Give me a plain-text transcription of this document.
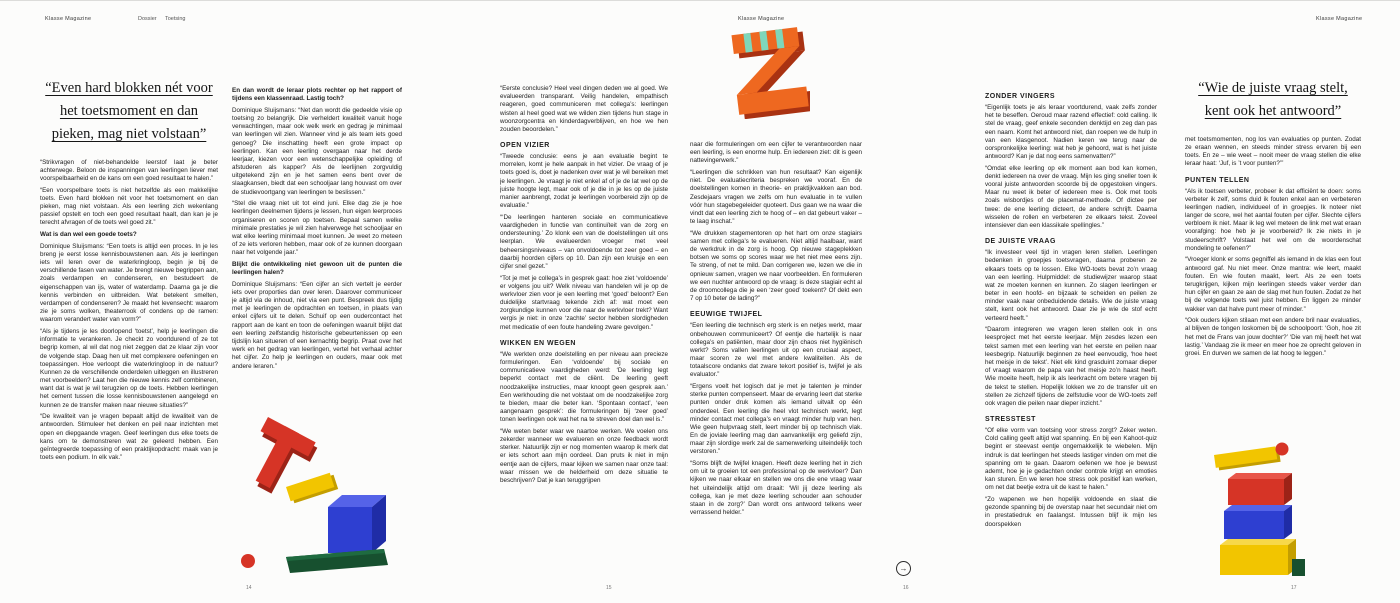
Klasse Magazine	Dossier Toetsing	Klasse Magazine	Klasse Magazine
“Even hard blokken nét voor het toetsmoment en dan pieken, mag niet volstaan”

“Strikvragen of niet-behandelde leerstof laat je beter achterwege. Beloon de inspanningen van leerlingen liever met voorspelbaarheid en de kans om een goed resultaat te halen.”

“Een voorspelbare toets is niet hetzelfde als een makkelijke toets. Even hard blokken nét voor het toetsmoment en dan pieken, mag niet volstaan. Als een leerling zich wekenlang passief opstelt en toch een goed resultaat haalt, dan kan je je terecht afvragen of de toets wel goed zit.”

Wat is dan wel een goede toets?

Dominique Sluijsmans: “Een toets is altijd een proces. In je les breng je eerst losse kennisbouwstenen aan. Als je leerlingen iets wil leren over de waterkringloop, begin je bij de verschillende fasen van water. Je brengt nieuwe begrippen aan, zoals verdampen en condenseren, en bestudeert de eigenschappen van ijs, water of waterdamp. Daarna ga je die kennis verbinden en uitbreiden. Wat betekent smelten, verdampen of condenseren? Je maakt het levensecht: waarom zie je soms wolken, theaterrook of condens op de ramen: waarom verandert water van vorm?”

“Als je tijdens je les doorlopend ‘toetst’, help je leerlingen die informatie te verankeren. Je checkt zo voortdurend of ze tot begrip komen, al wil dat nog niet zeggen dat ze klaar zijn voor de volgende stap. Daag hen uit met complexere oefeningen en toepassingen. Hoe verloopt die waterkringloop in de natuur? Kunnen ze de verschillende onderdelen uitleggen en illustreren met voorbeelden? Laat hen die nieuwe kennis zelf combineren, want dat is wat je wil terugzien op de toets. Hebben leerlingen het cement tussen die losse kennisbouwstenen aangelegd en kunnen ze de transfer maken naar nieuwe situaties?”

“De kwaliteit van je vragen bepaalt altijd de kwaliteit van de antwoorden. Stimuleer het denken en peil naar inzichten met open en diepgaande vragen. Geef leerlingen dus elke toets de kans om te demonstreren wat ze geleerd hebben. Een geïntegreerde toepassing of een praktijkopdracht: maak van je toets een podium. In elk vak.”

En dan wordt de leraar plots rechter op het rapport of tijdens een klassenraad. Lastig toch?

Dominique Sluijsmans: “Net dan wordt die gedeelde visie op toetsing zo belangrijk. Die verheldert kwaliteit vanuit hoge verwachtingen, maar ook welk werk en gedrag je minimaal van leerlingen wil zien. Wanneer vind je als team iets goed genoeg? Die inschatting heeft een grote impact op leerlingen. Kan een leerling overgaan naar het derde leerjaar, kiezen voor een wetenschappelijke opleiding of afstuderen als kapper? Als de leerlijnen zorgvuldig uitgetekend zijn en je het samen eens bent over de slaagkansen, biedt dat een schooljaar lang houvast om over de studievoortgang van leerlingen te beslissen.”

“Stel die vraag niet uit tot eind juni. Elke dag zie je hoe leerlingen deelnemen tijdens je lessen, hun eigen leerproces organiseren en scoren op toetsen. Bepaal samen welke minimale prestaties je wil zien halverwege het schooljaar en wat elke leerling minimaal moet kunnen. Je weet zo meteen of ze iets verloren hebben, maar ook of ze kunnen doorgaan naar het volgende jaar.”

Blijkt die ontwikkeling niet gewoon uit de punten die leerlingen halen?

Dominique Sluijsmans: “Een cijfer an sich vertelt je eerder iets over proporties dan over leren. Daarover communiceer je altijd via de inhoud, niet via een punt. Bespreek dus tijdig met je leerlingen de opdrachten en toetsen, in plaats van enkel cijfers uit te delen. Schuif op een oudercontact het rapport aan de kant en toon de oefeningen waaruit blijkt dat een leerling zelfstandig historische gebeurtenissen op een tijdslijn kan situeren of een kernachtig begrip. Praat over het werk en het gedrag van leerlingen, vertel het verhaal achter het cijfer. Zo help je leerlingen en ouders, maar ook met andere leraren.”

“Eerste conclusie? Heel veel dingen deden we al goed. We evalueerden transparant. Veilig handelen, empathisch reageren, goed communiceren met collega’s: leerlingen wisten al heel goed wat we wilden zien tijdens hun stage in woonzorgcentra en kinderdagverblijven, en hoe we hen zouden beoordelen.”

OPEN VIZIER

“Tweede conclusie: eens je aan evaluatie begint te morrelen, komt je hele aanpak in het vizier. De vraag of je toets goed is, doet je nadenken over wat je wil bereiken met je leerlingen. Je vraagt je niet enkel af of je de lat wel op de juiste hoogte legt, maar ook of je die in je les op de juiste manier aanbrengt, zodat je leerlingen voorbereid zijn op de evaluatie.”

“‘De leerlingen hanteren sociale en communicatieve vaardigheden in functie van continuïteit van de zorg en ondersteuning.’ Zo klonk een van de doelstellingen uit ons leerplan. We evalueerden vroeger met veel beheersingsniveaus – van onvoldoende tot zeer goed – en daarbij hoorden cijfers op 10. Dan zijn een kruisje en een cijfer snel gezet.”

“Tot je met je collega’s in gesprek gaat: hoe ziet ‘voldoende’ er volgens jou uit? Welk niveau van handelen wil je op de werkvloer zien voor je een leerling met ‘goed’ beloont? Een duidelijke startvraag tekende zich af: wat moet een zorgkundige kunnen voor die naar de werkvloer trekt? Want vergis je niet: in onze ‘zachte’ sector hebben slordigheden met medicatie of een foute handeling zware gevolgen.”

WIKKEN EN WEGEN

“We werkten onze doelstelling en per niveau aan precieze formuleringen. Een ‘voldoende’ bij sociale en communicatieve vaardigheden werd: ‘De leerling legt beperkt contact met de cliënt. De leerling geeft noodzakelijke instructies, maar knoopt geen gesprek aan.’ Een werkhouding die net volstaat om de noodzakelijke zorg te bieden, maar die beter kan. ‘Spontaan contact’, ‘een aangenaam gesprek’: die formuleringen bij ‘zeer goed’ tonen leerlingen ook wat het na te streven doel dan wel is.”

“We weten beter waar we naartoe werken. We voelen ons zekerder wanneer we evalueren en onze feedback wordt sterker. Natuurlijk zijn er nog momenten waarop ik merk dat er iets schort aan mijn oordeel. Dan pruts ik niet in mijn eentje aan de cijfers, maar kijken we samen naar onze taal: waar missen we de helderheid om deze situatie te beschrijven? Dat je kan teruggrijpen

naar die formuleringen om een cijfer te verantwoorden naar een leerling, is een enorme hulp. En iedereen ziet: dit is geen nattevingerwerk.”

“Leerlingen die schrikken van hun resultaat? Kan eigenlijk niet. De evaluatiecriteria bespreken we vooraf. En de doelstellingen komen in theorie- en praktijkvakken aan bod. Zesdejaars vragen we zelfs om hun evaluatie in te vullen vóór hun stagebegeleider quoteert. Dus gaan we na waar die vindt dat een leerling zich te hoog of – en dat gebeurt vaker – te laag inschat.”

“We drukken stagementoren op het hart om onze stagiairs samen met collega’s te evalueren. Niet altijd haalbaar, want de werkdruk in de zorg is hoog. Op nieuwe stageplekken botsen we soms op scores waar we het niet mee eens zijn. Te streng, of net te mild. Dan corrigeren we, lezen we die in opnieuw samen, vragen we naar voorbeelden. En formuleren we een nuchter antwoord op de vraag: is deze stagiair echt al de droomcollega die je een ‘zeer goed’ toekent? Of dekt een 7 op 10 beter de lading?”

EEUWIGE TWIJFEL

“Een leerling die technisch erg sterk is en netjes werkt, maar onbehouwen communiceert? Of eentje die hartelijk is naar collega’s en patiënten, maar door zijn chaos niet hygiënisch werkt? Soms vallen leerlingen uit op een cruciaal aspect, maar scoren ze wel met andere kwaliteiten. Als de totaalscore ondanks dat zware tekort positief is, twijfel je als evaluator.”

“Ergens voelt het logisch dat je met je talenten je minder sterke punten compenseert. Maar de ervaring leert dat sterke punten onder druk komen als iemand uitvalt op één onderdeel. Een leerling die heel vlot technisch werkt, legt minder contact met collega’s en vraagt minder hulp van hen. Wie geen hulpvraag stelt, leert minder bij op technisch vlak. En de joviale leerling mag dan aanvankelijk erg geliefd zijn, maar zijn slordige werk zal de samenwerking uiteindelijk toch verstoren.”

“Soms blijft de twijfel knagen. Heeft deze leerling het in zich om uit te groeien tot een professional op de werkvloer? Dan kijken we naar elkaar en stellen we ons die ene vraag waar het uiteindelijk altijd om draait: ‘Wil jij deze leerling als collega, kan je met deze leerling schouder aan schouder staan in de zorg?’ Dan wordt ons antwoord telkens weer verrassend helder.”

ZONDER VINGERS

“Eigenlijk toets je als leraar voortdurend, vaak zelfs zonder het te beseffen. Oeroud maar razend effectief: cold calling. Ik stel de vraag, geef enkele seconden denktijd en zeg dan pas een naam. Komt het antwoord niet, dan roepen we de hulp in van een klasgenoot. Nadien keren we terug naar de oorspronkelijke leerling: wat heb je gehoord, wat is het juiste antwoord? Kan je dat nog eens samenvatten?”

“Omdat elke leerling op elk moment aan bod kan komen, denkt iedereen na over de vraag. Mijn les ging sneller toen ik vooral juiste antwoorden scoorde bij de opgestoken vingers. Maar nu weet ik beter of iedereen mee is. Ook met tools zoals wisbordjes of de placemat-methode. Of dictee per twee: de ene leerling dicteert, de andere schrijft. Daarna wisselen de rollen en verbeteren ze elkaars tekst. Zoveel intensiever dan een klassikale spellingles.”

DE JUISTE VRAAG

“Ik investeer veel tijd in vragen leren stellen. Leerlingen bedenken in groepjes toetsvragen, daarna proberen ze elkaars toets op te lossen. Elke WO-toets bevat zo’n vraag van een leerling. Hulpmiddel: de studiewijzer waarop staat wat ze moeten kennen en kunnen. Zo slagen leerlingen er beter in een hoofd- en bijzaak te scheiden en peilen ze minder vaak naar onbeduidende details. Wie de juiste vraag stelt, kent ook het antwoord. Daar zie je wie de stof echt verteerd heeft.”

“Daarom integreren we vragen leren stellen ook in ons leesproject met het eerste leerjaar. Mijn zesdes lezen een tekst samen met een leerling van het eerste en peilen naar leesbegrip. Natuurlijk beginnen ze heel eenvoudig, ‘hoe heet het meisje in de tekst’. Niet elk kind grasduint zomaar dieper of vraagt waarom de papa van het meisje zo’n haast heeft. Wie moeite heeft, help ik als leerkracht om betere vragen bij de tekst te stellen. Hopelijk lokken we zo de transfer uit en stellen ze zichzelf tijdens de zelfstudie voor de WO-toets zelf ook vragen die peilen naar dieper inzicht.”

STRESSTEST

“Of elke vorm van toetsing voor stress zorgt? Zeker weten. Cold calling geeft altijd wat spanning. En bij een Kahoot-quiz begint er steevast eentje ongemakkelijk te wiebelen. Mijn indruk is dat leerlingen het steeds lastiger vinden om met die spanning om te gaan. Daarom oefenen we hoe je bewust ademt, hoe je je gedachten onder controle krijgt en emoties kan sturen. En we leren hoe stress ook positief kan werken, om net dat beetje extra uit de kast te halen.”

“Zo wapenen we hen hopelijk voldoende en slaat die gezonde spanning bij de overstap naar het secundair niet om in prestatiedruk en faalangst. Intussen blijf ik mijn les doorspekken

“Wie de juiste vraag stelt, kent ook het antwoord”

met toetsmomenten, nog los van evaluaties op punten. Zodat ze eraan wennen, en steeds minder stress ervaren bij een toets. En ze – wie weet – nooit meer de vraag stellen die elke leraar haat: ‘Juf, is ’t voor punten?’”

PUNTEN TELLEN

“Als ik toetsen verbeter, probeer ik dat efficiënt te doen: soms verbeter ik zelf, soms duid ik fouten enkel aan en verbeteren leerlingen nadien, individueel of in groepjes. Ik noteer niet langer de score, wel het aantal fouten per cijfer. Slechte cijfers verbloem ik niet. Maar ik leg wel meteen de link met wat eraan voorafging: hoe heb je je voorbereid? Ik zie niets in je studeerschrift? Volstaat het wel om de woordenschat mondeling te oefenen?”

“Vroeger klonk er soms gegniffel als iemand in de klas een fout antwoord gaf. Nu niet meer. Onze mantra: wie leert, maakt fouten. En wie fouten maakt, leert. Als ze een toets terugkrijgen, kijken mijn leerlingen steeds vaker verder dan hun cijfer en gaan ze aan de slag met hun fouten. Zodat ze het bij de volgende toets wel juist hebben. En liggen ze minder wakker van dat halve punt meer of minder.”

“Ook ouders kijken stilaan met een andere bril naar evaluaties, al blijven de tongen loskomen bij de schoolpoort: ‘Goh, hoe zit het met de Frans van jouw dochter?’ ‘Die van mij heeft het wat lastig.’ Vandaag zie ik meer en meer hoe ze oprecht geloven in groei. En durven we samen de lat hoog te leggen.”

→
14	15	16	17
